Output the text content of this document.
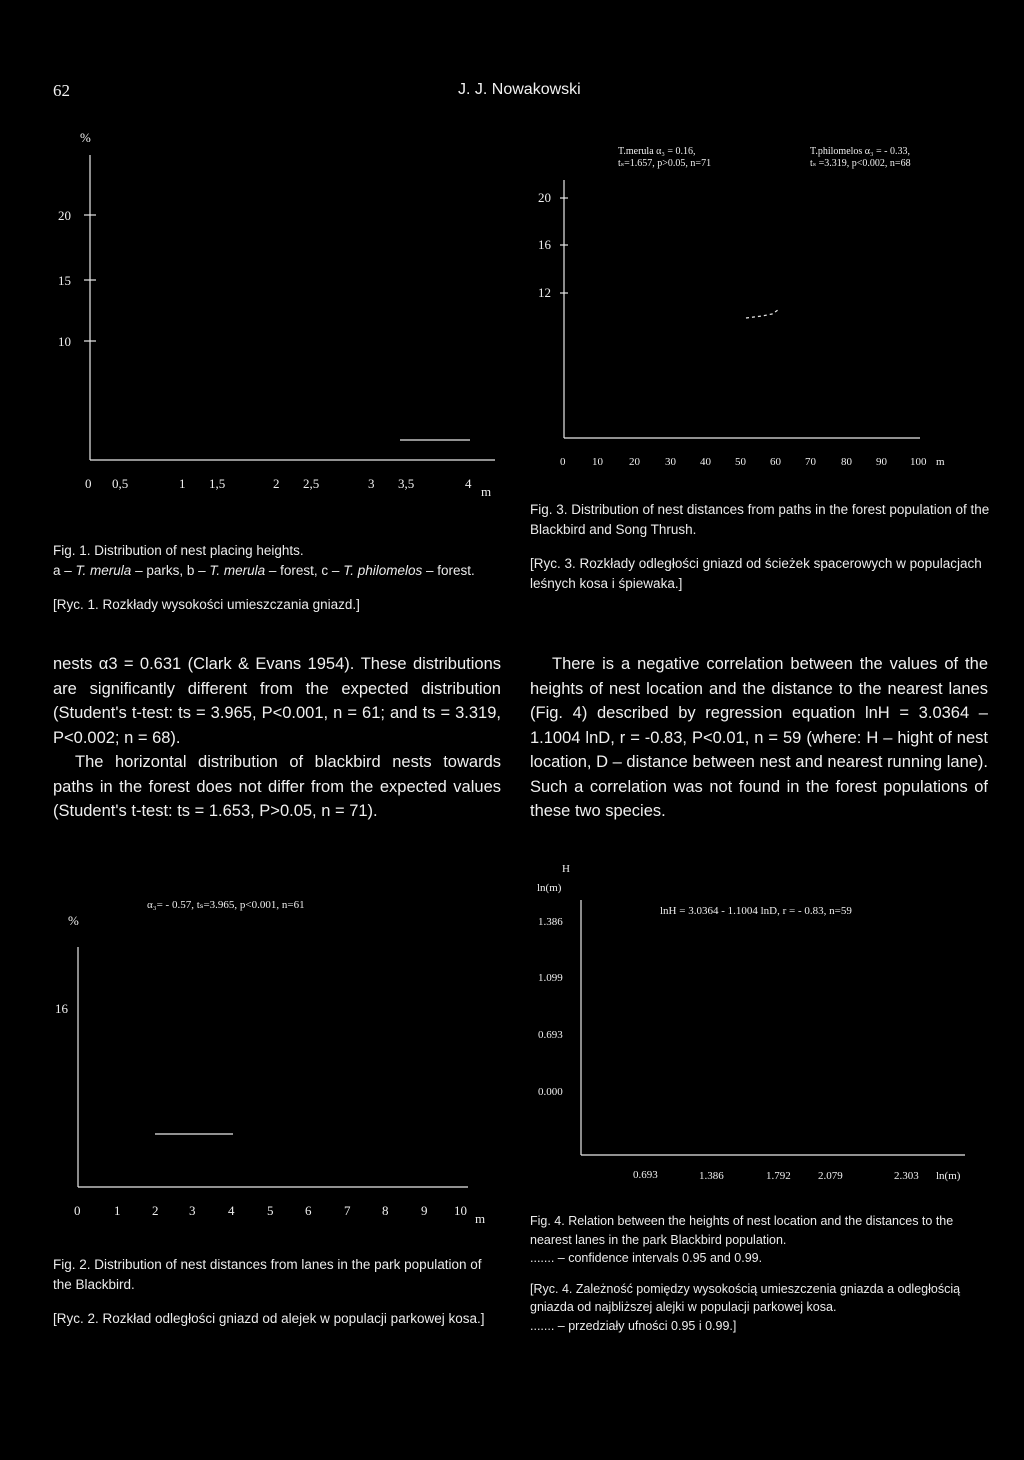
62	J. J. Nowakowski
%
20
15
10
0 0,5	1 1,5	2 2,5	3 3,5	4
m
Fig. 1. Distribution of nest placing heights.
a – T. merula – parks, b – T. merula – forest, c – T. philomelos – forest.
[Ryc. 1. Rozkłady wysokości umieszczania gniazd.]
20
16
12
T.merula α₃ = 0.16,
tₛ=1.657, p>0.05, n=71
T.philomelos α₃ = - 0.33,
tₛ =3.319, p<0.002, n=68
0 10 20 30 40 50 60 70 80 90 100 m
Fig. 3. Distribution of nest distances from paths in the forest population of the Blackbird and Song Thrush.
[Ryc. 3. Rozkłady odległości gniazd od ścieżek spacerowych w populacjach leśnych kosa i śpiewaka.]

nests α3 = 0.631 (Clark & Evans 1954). These distributions are significantly different from the expected distribution (Student's t-test: ts = 3.965, P<0.001, n = 61; and ts = 3.319, P<0.002; n = 68).

The horizontal distribution of blackbird nests towards paths in the forest does not differ from the expected values (Student's t-test: ts = 1.653, P>0.05, n = 71).

There is a negative correlation between the values of the heights of nest location and the distance to the nearest lanes (Fig. 4) described by regression equation lnH = 3.0364 – 1.1004 lnD, r = -0.83, P<0.01, n = 59 (where: H – hight of nest location, D – distance between nest and nearest running lane). Such a correlation was not found in the forest populations of these two species.

%
α₃= - 0.57, tₛ=3.965, p<0.001, n=61
16
0	1 2 3	4	5 6	7 8	9 10
m
Fig. 2. Distribution of nest distances from lanes in the park population of the Blackbird.
[Ryc. 2. Rozkład odległości gniazd od alejek w populacji parkowej kosa.]
H
ln(m)
1.386
1.099
0.693
0.000
lnH = 3.0364 - 1.1004 lnD, r = - 0.83, n=59
0.693	1.386	1.792 2.079	2.303 ln(m)
Fig. 4. Relation between the heights of nest location and the distances to the nearest lanes in the park Blackbird population.
....... – confidence intervals 0.95 and 0.99.
[Ryc. 4. Zależność pomiędzy wysokością umieszczenia gniazda a odległością gniazda od najbliższej alejki w populacji parkowej kosa.
....... – przedziały ufności 0.95 i 0.99.]
